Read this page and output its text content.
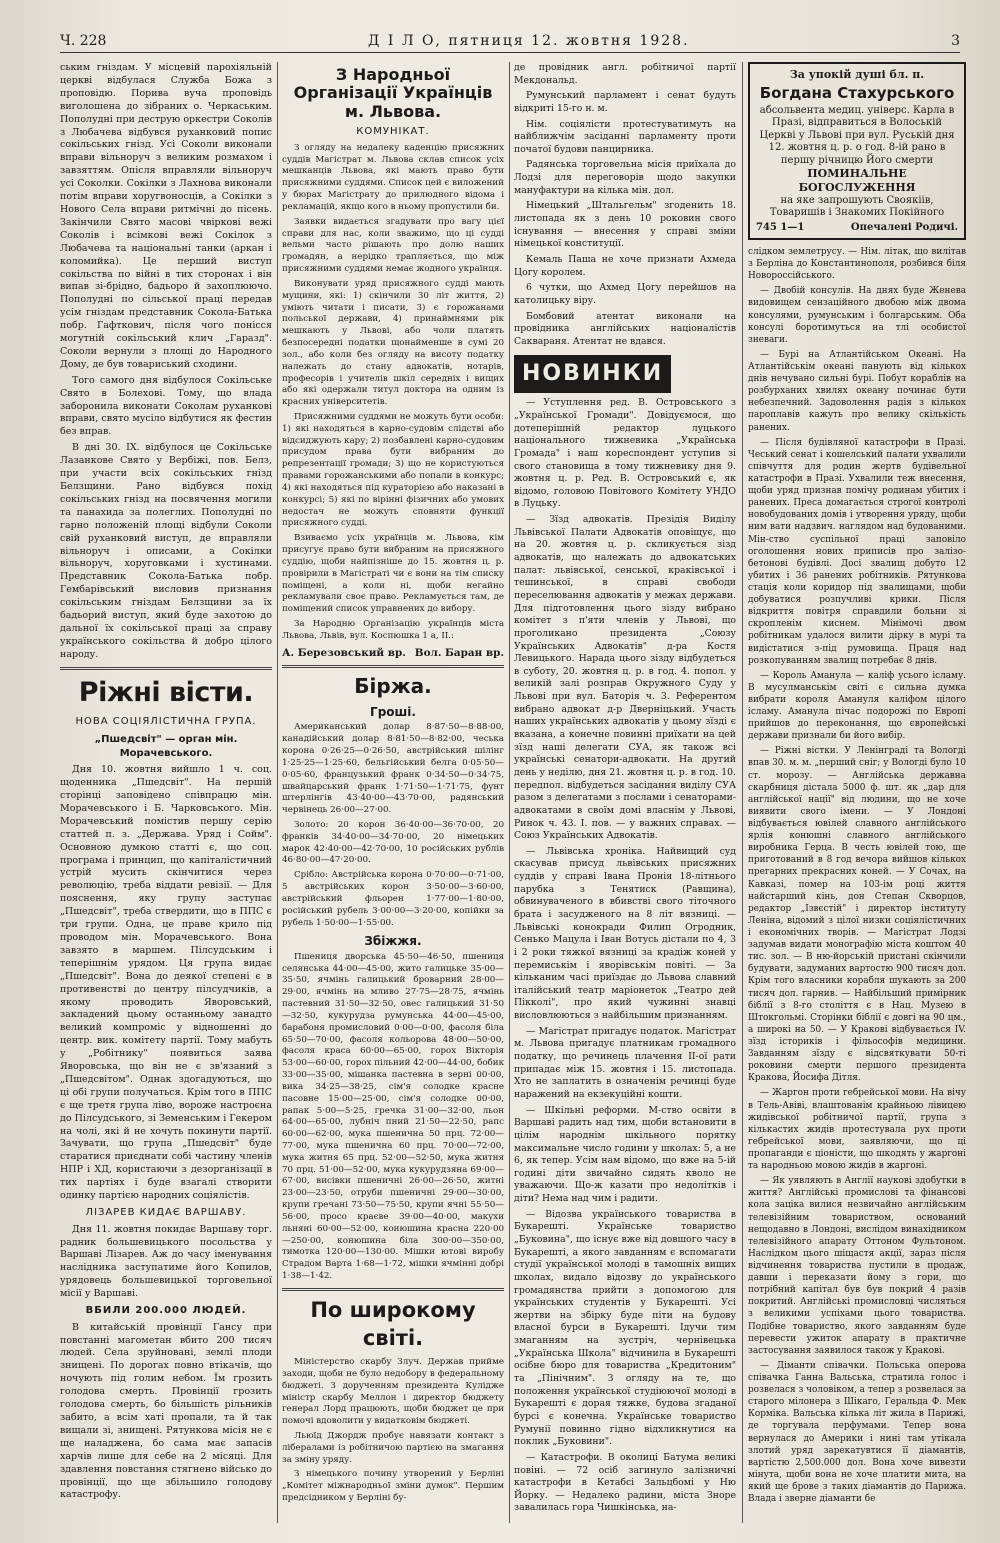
Ч. 228	Д І Л О, пятниця 12. жовтня 1928.	3

ським гніздам. У місцевій парохіяльній церкві відбулася Служба Божа з проповідю. Порива вуча проповідь виголошена до зібраних о. Черкаським. Пополудні при деструю оркестри Соколів з Любачева відбувся руханковий попис сокільських гнізд. Усі Соколи виконали вправи вільноруч з великим розмахом і завзяттям. Опісля вправляли вільноруч усі Соколки. Сокілки з Лахнова виконали потім вправи хоругвоносців, а Сокілки з Нового Села вправи ритмічні до пісень. Закінчили Свято масові чвіркові вежі Соколів і всімкові вежі Сокілок з Любачева та національні танки (аркан і коломийка). Це перший виступ сокільства по війні в тих сторонах і він випав зі-брідно, бадьоро й захоплюючо. Пополудні по сільської праці передав усім гніздам представник Сокола-Батька побр. Гафткович, після чого понісся могутній сокільський клич „Гаразд". Соколи вернули з площі до Народного Дому, де був товариський сходини.

Того самого дня відбулося Сокільське Свято в Болехові. Тому, що влада заборонила виконати Соколам руханкові вправи, свято мусіло відбутися як фестин без вправ.

В дні 30. IX. відбулося це Сокільське Лазанкове Свято у Вербіжі, пов. Белз, при участи всіх сокільських гнізд Белзщини. Рано відбувся похід сокільських гнізд на посвячення могили та панахида за полеглих. Пополудні по гарно положеній площі відбули Соколи свій руханковий виступ, де вправляли вільноруч і описами, а Сокілки вільноруч, хоруговками і хустинами. Представник Сокола-Батька побр. Гембарівський висловив признання сокільським гніздам Белзщини за їх бадьорий виступ, який буде захотою до дальної їх сокільської праці за справу українського сокільства й добро цілого народу.

Ріжні вісти.
НОВА СОЦІЯЛІСТИЧНА ГРУПА.
„Пшедсвіт" — орган мін. Морачевського.

Дня 10. жовтня вийшло 1 ч. соц. щоденника „Пшедсвіт". На першій сторінці заповідено співпрацю мін. Морачевського і Б. Чарковського. Мін. Морачевський помістив першу серію статтей п. з. „Держава. Уряд і Сойм". Основною думкою статті є, що соц. програма і принцип, що капіталістичний устрій мусить скінчитися через революцію, треба віддати ревізії. — Для пояснення, яку групу заступає „Пшедсвіт", треба ствердити, що в ППС є три групи. Одна, це праве крило під проводом мін. Морачевського. Вона завзято в маршем. Пілсудським і теперішнім урядом. Ця група видає „Пшедсвіт". Вона до деякої степені є в противенстві до центру пілсудчиків, а якому проводить Яворовський, закладений цьому останньому занадто великий компроміс у відношенні до центр. вик. комітету партії. Тому мабуть у „Робітнику" появиться заява Яворовська, що він не є зв'язаний з „Пшедсвітом". Однак здогадуються, що ці обі групи получаться. Крім того в ППС є ще третя група ліво, вороже настроєна до Пілсудського, зі Земенським і Гекером на чолі, які й не хочуть покинути партії. Зачувати, що група „Пшедсвіт" буде старатися приєднати собі частину членів НПР і ХД, користаючи з дезорганізації в тих партіях і буде взагалі створити одинку партією народних соціялістів.

ЛІЗАРЕВ КИДАЄ ВАРШАВУ.

Дня 11. жовтня покидає Варшаву торг. радник большевицького посольства у Варшаві Лізарев. Аж до часу іменування наслідника заступатиме його Копилов, урядовець большевицької торговельної місії у Варшаві.

ВБИЛИ 200.000 ЛЮДЕЙ.

В китайській провінції Гансу при повстанні магометан вбито 200 тисяч людей. Села зруйновані, землі плоди знищені. По дорогах повно втікачів, що ночують під голим небом. Їм грозить голодова смерть. Провінції грозить голодова смерть, бо більшість рільників забито, а всім хаті пропали, та й так вищали зі, знищені. Рятункова місія не є ще наладжена, бо сама має запасів харчів лише для себе на 2 місяці. Для здавлення повстання стягнено військо до провінції, що ще збільшило голодову катастрофу.

З Народньої Організації Українців м. Львова.
КОМУНІКАТ.

З огляду на недалеку каденцію присяжних суддів Магістрат м. Львова склав список усіх мешканців Львова, які мають право бути присяжними суддями. Список цей є виложений у бюрах Магістрату до прилюдного відома і рекламацій, якщо кого в ньому пропустили би.

Заявки видається згадувати про вагу цієї справи для нас, коли зважимо, що ці судді вельми часто рішають про долю наших громадян, а нерідко трапляється, що між присяжними суддями немає жодного українця.

Виконувати уряд присяжного судді мають мущини, які: 1) скінчили 30 літ життя, 2) уміють читати і писати, 3) є горожанами польської держави, 4) принаймнями рік мешкають у Львові, або чоли платять безпосередні податки щонайменше в сумі 20 зол., або коли без огляду на висоту податку належать до стану адвокатів, нотарів, професорів і учителів шкіл середніх і вищих або які одержали титул доктора на одним із красних університетів.

Присяжними суддями не можуть бути особи: 1) які находяться в карно-судовім слідстві або відсиджують кару; 2) позбавлені карно-судовим присудом права бути вибраним до репрезентації громади; 3) що не користуються правами горожанськими або попали в конкурс; 4) які находяться під кураторією або наказані в конкурсі; 5) які по вірінні фізичних або умових недостач не можуть сповняти функції присяжного судді.

Взиваємо усіх українців м. Львова, кім присугує право бути вибраним на присяжного суддію, щоби найпізніше до 15. жовтня ц. р. провірили в Магістраті чи є вони на тім списку поміщені, а коли ні, щоби негайно рекламували своє право. Рекламується там, де поміщений список управнених до вибору.

За Народню Організацію українців міста Львова, Львів, вул. Коспюшка 1 а, II.:

А. Березовський вр. Вол. Баран вр.
Біржа.
Гроші.

Американський долар 8·87·50—8·88·00, канадійський долар 8·81·50—8·82·00, чеська корона 0·26·25—0·26·50, австрійський шілінг 1·25·25—1·25·60, бельгійський белга 0·05·50—0·05·60, французький франк 0·34·50—0·34·75, швайцарський франк 1·71·50—1·71·75, фунт штерлінгів 43·40·00—43·70·00, радянський червінець 26·00—27·00.

Золото: 20 корон 36·40·00—36·70·00, 20 франків 34·40·00—34·70·00, 20 німецьких марок 42·40·00—42·70·00, 10 російських рублів 46·80·00—47·20·00.

Срібло: Австрійська корона 0·70·00—0·71·00, 5 австрійських корон 3·50·00—3·60·00, австрійський фльорен 1·77·00—1·80·00, російський рубель 3·00·00—3·20·00, копійки за рубель 1·50·00—1·55·00.

Збіжжя.

Пшениця дворська 45·50—46·50, пшениця селянська 44·00—45·00, жито галицьке 35·00—35·50, ячмінь галицький броварний 28·00—29·00, ячмінь на мливо 27·75—28·75, ячмінь пастевний 31·50—32·50, овес галицький 31·50—32·50, кукурудза румунська 44·00—45·00, барабоня промисловий 0·00—0·00, фасоля біла 65·50—70·00, фасоля кольорова 48·00—50·00, фасоля краса 60·00—65·00, горох Вікторія 53·00—60·00, горох пільний 42·00—44·00, бобик 33·00—35·00, мішанка пастевна в зерні 00·00, вика 34·25—38·25, сім'я солодке красне пасовне 15·00—25·00, сім'я солодке 00·00, рапак 5·00—5·25, гречка 31·00—32·00, льон 64·00—65·00, лубніч пний 21·50—22·50, рапс 60·00—62·00, мука пшенична 50 прц. 72·00—77·00, мука пшенична 60 прц. 70·00—72·00, мука житня 65 прц. 52·00—52·50, мука житня 70 прц. 51·00—52·00, мука кукурудзяна 69·00—67·00, висівки пшеничні 26·00—26·50, житні 23·00—23·50, отруби пшеничні 29·00—30·00, крупи гречані 73·50—75·50, крупи ячні 55·50—56·00, просо краєве 39·00—40·00, макухи льняні 60·00—52·00, конюшина красна 220·00—250·00, конюшина біла 300·00—350·00, тимотка 120·00—130·00. Мішки ютові виробу Страдом Варта 1·68—1·72, мішки ячмінні добрі 1·38—1·42.

По широкому світі.

Міністерство скарбу Злуч. Держав прийме заходи, щоби не було недобору в федеральному бюджеті. З дорученням президента Кулідже міністр скарбу Меллон і директор бюджету генерал Лорд працюють, щоби бюджет це при помочі вдоволити у видатковім бюджеті.

Льюїд Джордж пробує навязати контакт з лібералами із робітничою партією на змагання за зміну уряду.

З німецького почину утворений у Берліні „Комітет міжнародньої зміни думок". Першим предсідником у Берліні бу-

де провідник англ. робітничої партії Мекдональд.

Румунський парламент і сенат будуть відкриті 15-го н. м.

Нім. соціялісти протестуватимуть на найближчім засіданні парламенту проти початої будови панцирника.

Радянська торговельна місія приїхала до Лодзі для переговорів щодо закупки мануфактури на кілька мін. дол.

Німецький „Штальгельм" згоденить 18. листопада як з день 10 роковин свого існування — внесення у справі зміни німецької конституції.

Кемаль Паша не хоче признати Ахмеда Цогу королем.

6 чутки, що Ахмед Цогу перейшов на католицьку віру.

Бомбовий атентат виконали на провідника англійських націоналістів Саквараня. Атентат не вдався.

НОВИНКИ

— Уступлення ред. В. Островського з „Української Громади". Довідуємося, що дотеперішній редактор луцького національного тижневика „Українська Громада" і наш кореспондент уступив зі свого становища в тому тижневику дня 9. жовтня ц. р. Ред. В. Островський є, як відомо, головою Повітового Комітету УНДО в Луцьку.

— Зїзд адвокатів. Презідія Виділу Львівської Палати Адвокатів оповіщує, що на 20. жовтня ц. р. скликується зізд адвокатів, що належать до адвокатських палат: львівської, сенської, краківської і тешинської, в справі свободи переселювання адвокатів у межах держави. Для підготовлення цього зізду вибрано комітет з п'яти членів у Львові, що проголикано президента „Союзу Українських Адвокатів" д-ра Костя Левицького. Нарада цього зізду відбудеться в суботу, 20. жовтня ц. р. в год. 4. попол. у великій залі розправ Окружного Суду у Львові при вул. Баторія ч. 3. Референтом вибрано адвокат д-р Дверніцький. Участь наших українських адвокатів у цьому зїзді є вказана, а конечне повинні приїхати на цей зїзд наші делегати СУА, як також всі українські сенатори-адвокати. На другий день у неділю, дня 21. жовтня ц. р. в год. 10. передпол. відбудеться засідання виділу СУА разом з делегатами з послами і сенаторами-адвокатами в своїм домі власнім у Львові, Ринок ч. 43. І. пов. — у важних справах. — Союз Українських Адвокатів.

— Львівська хроніка. Найвищий суд скасував присуд львівських присяжних суддів у справі Івана Пронія 18-літнього парубка з Тенятиск (Равщина), обвинуваченого в вбивстві свого тіточного брата і засудженого на 8 літ вязниці. — Львівські конокради Филип Огродник, Сенько Мацула і Іван Вотусь дістали по 4, 3 і 2 роки тяжкої вязниці за крадіж коней у перемиськім і яворівськім повіті. — За кільканим часі приїздає до Львова славний італійський театр маріонеток „Театро дей Пікколі", про який чужинні знавці висловлюються з найбільшим признанням.

— Магістрат пригадує податок. Магістрат м. Львова пригадує платникам громадного податку, що речинець плачення II-ої рати припадає між 15. жовтня і 15. листопада. Хто не заплатить в означенім речинці буде наражений на екзекуційні кошти.

— Шкільні реформи. М-ство освіти в Варшаві радить над тим, щоби встановити в цілім народнім шкільного порятку максимальне число години у школах: 5, а не 6, як тепер. Усім нам відомо, що вже на 5-ій годині діти звичайно сидять кволо не уважаючи. Що-ж казати про недолітків і діти? Нема над чим і радити.

— Відозва українського товариства в Букарешті. Українське товариство „Буковина", що існує вже від довшого часу в Букарешті, а якого завданням є вспомагати студії української молоді в тамошніх вищих школах, видало відозву до українського громадянства прийти з допомогою для українських студентів у Букарешті. Усі жертви на збірку буде піти на будову власної бурси в Букарешті. Ідучи тим змаганням на зустріч, чернівецька „Українська Школа" відчинила в Букарешті осібне бюро для товариства „Кредитоним" та „Пінічним". З огляду на те, що положення української студіюючої молоді в Букарешті є дорая тяжке, будова згаданої бурсі є конечна. Українське товариство Румунії повинно гідно відхликнутися на поклик „Буковини".

— Катастрофи. В околиці Батума великі повіні. — 72 осіб загинуло залізничні катастрофи в Кетабсі Зальцбомі у Ню Йорку. — Недалеко радини, міста Зноре завалилась гора Чишкінська, на-

За упокій душі бл. п.
Богдана Стахурського
абсольвента медиц. універс. Карла в Празі, відправиться в Волоській Церкві у Львові при вул. Руській дня 12. жовтня ц. р. о год. 8-ій рано в першу річницю Його смерти
ПОМИНАЛЬНЕ БОГОСЛУЖЕННЯ
на яке запрошують Своякіів, Товаришів і Знакомих Покійного
745 1—1	Опечалені Родичі.

слідком землетрусу. — Нім. літак, що вилітав з Берліна до Константинополя, розбився біля Новороссійського.

— Двобій консулів. На днях буде Женева видовищем сензаційного двобою між двома консулями, румунським і болгарським. Оба консулі боротимуться на тлі особистої зневаги.

— Бурі на Атлантійськом Океані. На Атлантійськім океані панують від кількох днів нечувано сильні бурі. Побут кораблів на розбурханих хвилях океану починає бути небезпечний. Задоволення радія з кількох пароплавів кажуть про велику скількість ранених.

— Після будівляної катастрофи в Празі. Чеський сенат і кошелський палати ухвалили співчуття для родин жертв будівельної катастрофи в Празі. Ухвалили теж внесення, щоби уряд признав помічу родинам убитих і ранених. Преса домагається строгої контролі новобудованих домів і утворення уряду, щоби ним вати надзвич. наглядом над будованими. Мін-ство суспільної праці заповіло оголошення нових приписів про залізо-бетонові будівлі. Досі звалищ добуто 12 убитих і 36 ранених робітників. Рятункова стація коли коридор під звалищами, щоби добуватися розпучливі крики. Після відкриття повітря справдили больни зі скропленім киснем. Мінімочі двом робітникам удалося вилити дірку в мурі та видістатися з-під румовища. Праця над розкопуванням звалищ потребає 8 днів.

— Король Аманула — каліф усього ісламу. В мусулманськім світі є сильна думка вибрати короля Амануля каліфом цілого ісламу. Аманула пічас подорожі по Европі прийшов до переконання, що європейські держави признали би його вибір.

— Ріжні вістки. У Ленінграді та Вологді впав 30. м. м. „перший сніг; у Вологді було 10 ст. морозу. — Англійська державна скарбниця дістала 5000 ф. шт. як „дар для англійської нації" від людини, що не хоче виявити свого імени. — У Лондоні відбувається ювілей славного англійського ярлія конюшні славного англійського виробника Герца. В честь ювілей тою, ще приготований в 8 год вечора вийшов кількох прегарних прекрасних коней. — У Сочах, на Кавказі, помер на 103-ім році життя найстарший кінь, дон Степан Скворцов, редактор „Ізвєстій" і директор інституту Леніна, відомий з цілої низки соціялістичних і економічних творів. — Магістрат Лодзі задумав видати монографію міста коштом 40 тис. зол. — В ню-йорській пристані скінчили будувати, задуманих вартостю 900 тисяч дол. Крім того власники корабля шукають за 200 тисяч дол. гарнив. — Найбільший примірник біблії з 8-го століття є в Нац. Музею в Штокгольмі. Сторінки біблії є довгі на 90 цм., а широкі на 50. — У Кракові відбувається IV. зїзд істориків і фільософів медицини. Завданням зїзду є відсвяткувати 50-ті роковини смерти першого президента Кракова, Йосифа Дітля.

— Жаргон проти гебрейської мови. На вічу в Тель-Авіві, влаштованім крайньою лівицею жидівської робітничої партії, група з кількастих жидів протестувала рух проти гебрейської мови, заявляючи, що ці пропаганди є ціоністи, що шкодять у жаргоні та народньою мовою жидів в жаргоні.

— Як уявляють в Англії наукові здобутки в життя? Англійські промислові та фінансові кола заціка вилися незвичайно англійським телевізійним товариством, оснований нещодавно в Лондоні, вислідом винахідником телевізійного апарату Оттоном Фультоном. Наслідком цього шіщастя акції, зараз після відчинення товариства пустили в продаж, давши і переказати йому з гори, що потрібний капітал був був покрий 4 разів покритий. Англійські промисловці числяться з великими успіхами цього товариства. Подібне товариство, якого завданням буде перевести ужиток апарату в практичне застосування заявилося також у Кракові.

— Діманти співачки. Польська оперова співачка Ганна Вальська, стратила голос і розвелася з чоловіком, а тепер з розвелася за старого мілонера з Шікаго, Геральда Ф. Мек Корміка. Вальська кілька літ жила в Парижі, де торгувала перфумами. Тепер вона вернулася до Америки і нині там утікала злотий уряд зарекатувтися її діамантів, вартістю 2,500.000 дол. Вона хоче вивезти мінута, щоби вона не хоче платити мита, на який ще брове з таких діамантів до Парижа. Влада і зверне діаманти бе
